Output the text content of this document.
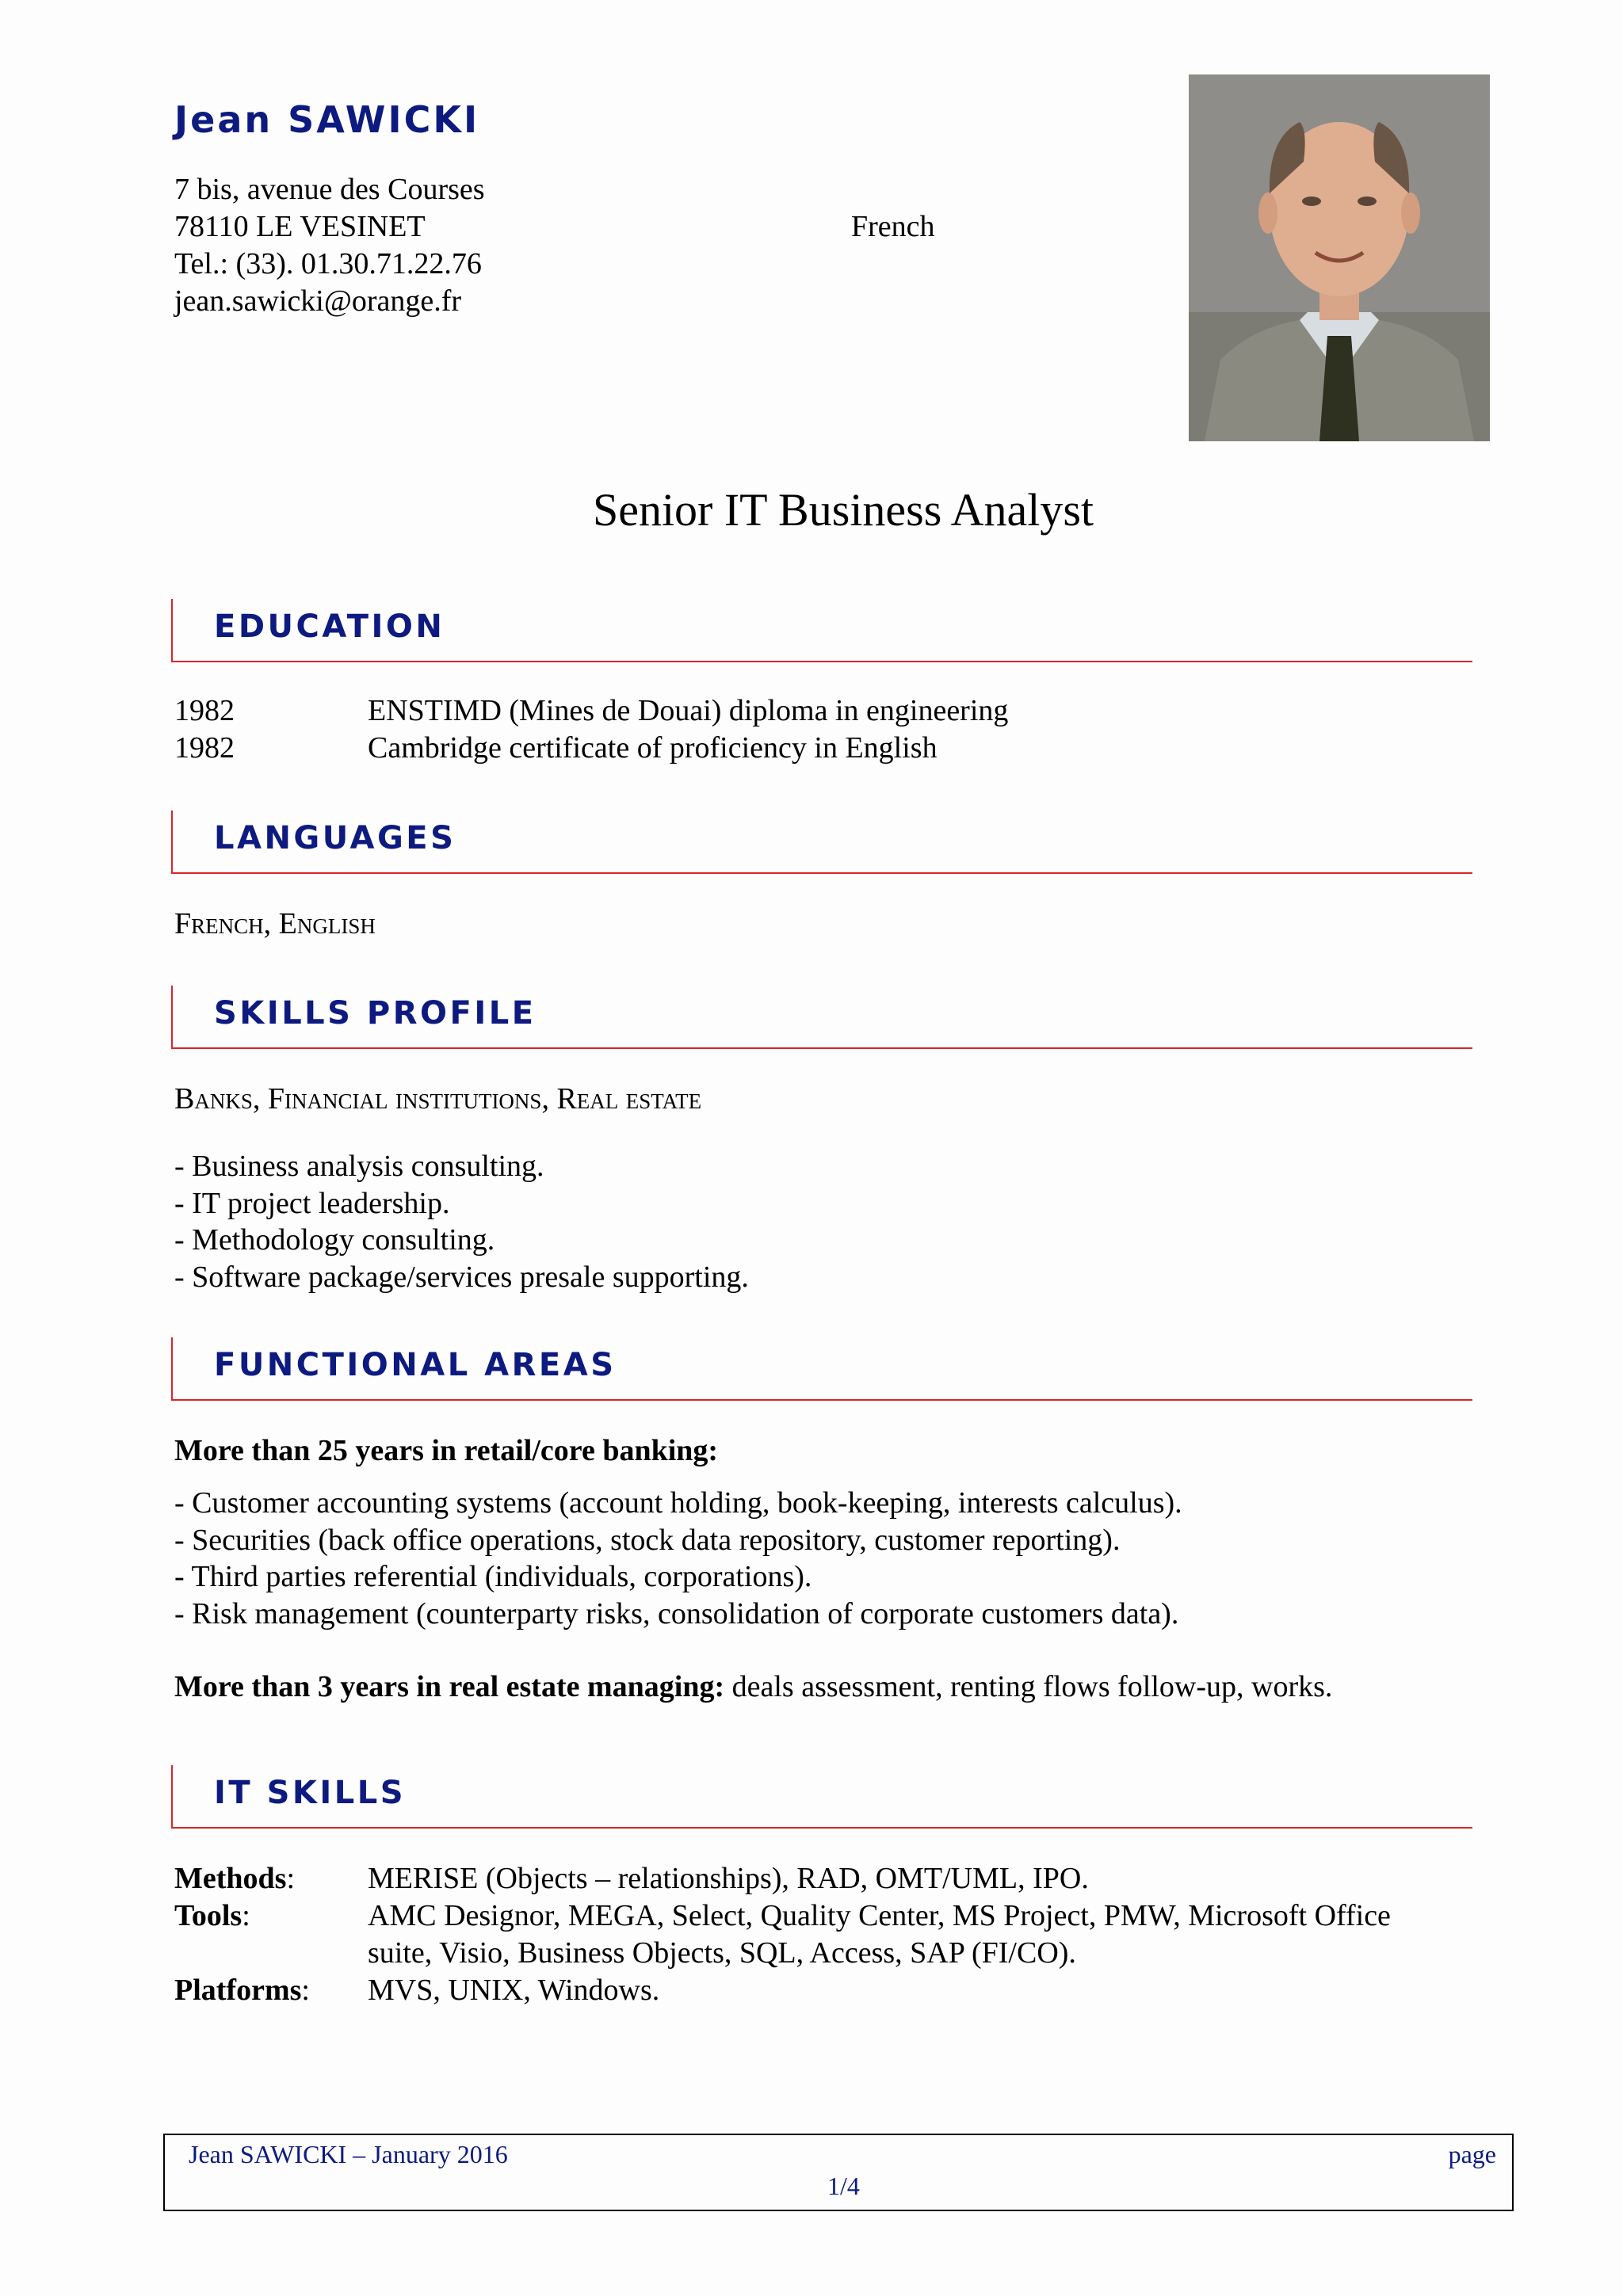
Jean SAWICKI
7 bis, avenue des Courses
78110 LE VESINET
Tel.: (33). 01.30.71.22.76
jean.sawicki@orange.fr
French
Senior IT Business Analyst
EDUCATION
1982	ENSTIMD (Mines de Douai) diploma in engineering
1982	Cambridge certificate of proficiency in English
LANGUAGES
French, English
SKILLS PROFILE
Banks, Financial institutions, Real estate
- Business analysis consulting.
- IT project leadership.
- Methodology consulting.
- Software package/services presale supporting.
FUNCTIONAL AREAS
More than 25 years in retail/core banking:
- Customer accounting systems (account holding, book-keeping, interests calculus).
- Securities (back office operations, stock data repository, customer reporting).
- Third parties referential (individuals, corporations).
- Risk management (counterparty risks, consolidation of corporate customers data).
More than 3 years in real estate managing: deals assessment, renting flows follow-up, works.
IT SKILLS
Methods: MERISE (Objects – relationships), RAD, OMT/UML, IPO.
Tools:	AMC Designor, MEGA, Select, Quality Center, MS Project, PMW, Microsoft Office
suite, Visio, Business Objects, SQL, Access, SAP (FI/CO).
Platforms: MVS, UNIX, Windows.
Jean SAWICKI – January 2016	page
1/4
